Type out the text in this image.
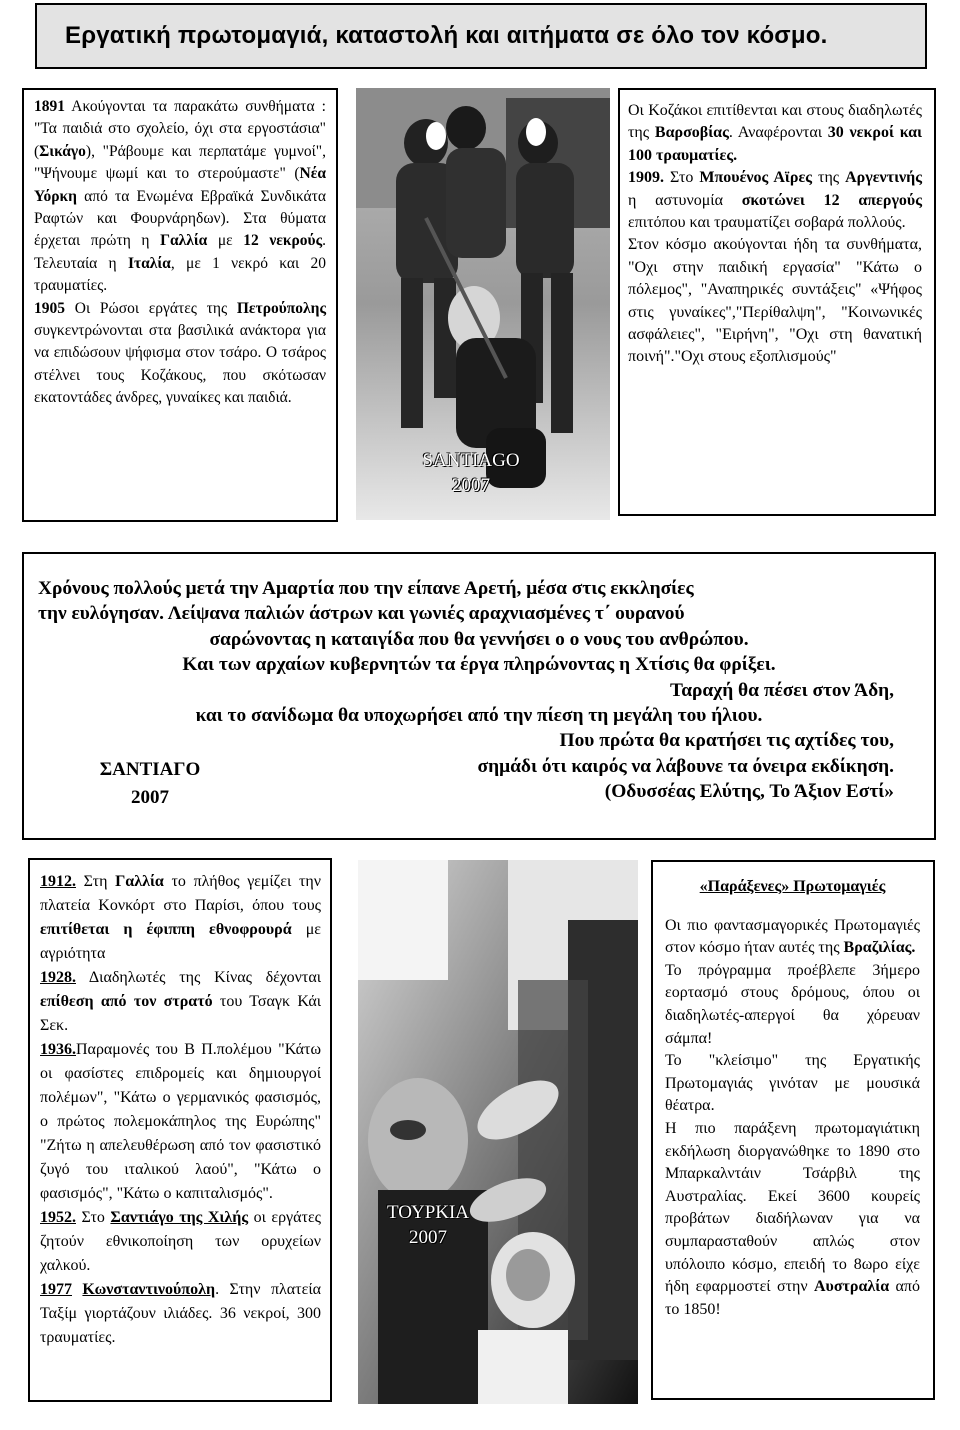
Εργατική πρωτομαγιά, καταστολή και αιτήματα σε όλο τον κόσμο.

1891 Ακούγονται τα παρακάτω συνθήματα : "Τα παιδιά στο σχολείο, όχι στα εργοστάσια" (Σικάγο), "Ράβουμε και περπατάμε γυμνοί", "Ψήνουμε ψωμί και το στερούμαστε" (Νέα Υόρκη από τα Ενωμένα Εβραϊκά Συνδικάτα Ραφτών και Φουρνάρηδων). Στα θύματα έρχεται πρώτη η Γαλλία με 12 νεκρούς. Τελευταία η Ιταλία, με 1 νεκρό και 20 τραυματίες.

1905 Οι Ρώσοι εργάτες της Πετρούπολης συγκεντρώνονται στα βασιλικά ανάκτορα για να επιδώσουν ψήφισμα στον τσάρο. Ο τσάρος στέλνει τους Κοζάκους, που σκότωσαν εκατοντάδες άνδρες, γυναίκες και παιδιά.

SANTIAGO
2007

Οι Κοζάκοι επιτίθενται και στους διαδηλωτές της Βαρσοβίας. Αναφέρονται 30 νεκροί και 100 τραυματίες.

1909. Στο Μπουένος Αϊρες της Αργεντινής η αστυνομία σκοτώνει 12 απεργούς επιτόπου και τραυματίζει σοβαρά πολλούς.

Στον κόσμο ακούγονται ήδη τα συνθήματα, "Οχι στην παιδική εργασία" "Κάτω ο πόλεμος", "Αναπηρικές συντάξεις" «Ψήφος στις γυναίκες","Περίθαλψη", "Κοινωνικές ασφάλειες", "Ειρήνη", "Οχι στη θανατική ποινή"."Οχι στους εξοπλισμούς"

Χρόνους πολλούς μετά την Αμαρτία που την είπανε Αρετή, μέσα στις εκκλησίες
την ευλόγησαν. Λείψανα παλιών άστρων και γωνιές αραχνιασμένες τ΄ ουρανού
σαρώνοντας η καταιγίδα που θα γεννήσει ο ο νους του ανθρώπου.
Και των αρχαίων κυβερνητών τα έργα πληρώνοντας η Χτίσις θα φρίξει.
Ταραχή θα πέσει στον Άδη,
και το σανίδωμα θα υποχωρήσει από την πίεση τη μεγάλη του ήλιου.
Που πρώτα θα κρατήσει τις αχτίδες του,
σημάδι ότι καιρός να λάβουνε τα όνειρα εκδίκηση.
(Οδυσσέας Ελύτης, Το Άξιον Εστί»
ΣΑΝΤΙΑΓΟ
2007

1912. Στη Γαλλία το πλήθος γεμίζει την πλατεία Κονκόρτ στο Παρίσι, όπου τους επιτίθεται η έφιππη εθνοφρουρά με αγριότητα

1928. Διαδηλωτές της Κίνας δέχονται επίθεση από τον στρατό του Τσαγκ Κάι Σεκ.

1936.Παραμονές του Β Π.πολέμου "Κάτω οι φασίστες επιδρομείς και δημιουργοί πολέμων", "Κάτω ο γερμανικός φασισμός, ο πρώτος πολεμοκάπηλος της Ευρώπης" "Ζήτω η απελευθέρωση από τον φασιστικό ζυγό του ιταλικού λαού", "Κάτω ο φασισμός", "Κάτω ο καπιταλισμός".

1952. Στο Σαντιάγο της Χιλής οι εργάτες ζητούν εθνικοποίηση των ορυχείων χαλκού.

1977 Κωνσταντινούπολη. Στην πλατεία Ταξίμ γιορτάζουν ιλιάδες. 36 νεκροί, 300 τραυματίες.

ΤΟΥΡΚΙΑ
2007
«Παράξενες» Πρωτομαγιές

Οι πιο φαντασμαγορικές Πρωτομαγιές στον κόσμο ήταν αυτές της Βραζιλίας.

Το πρόγραμμα προέβλεπε 3ήμερο εορτασμό στους δρόμους, όπου οι διαδηλωτές-απεργοί θα χόρευαν σάμπα!

Το "κλείσιμο" της Εργατικής Πρωτομαγιάς γινόταν με μουσικά θέατρα.

Η πιο παράξενη πρωτομαγιάτικη εκδήλωση διοργανώθηκε το 1890 στο Μπαρκαλντάιν Τσάρβιλ της Αυστραλίας. Εκεί 3600 κουρείς προβάτων διαδήλωναν για να συμπαρασταθούν απλώς στον υπόλοιπο κόσμο, επειδή το 8ωρο είχε ήδη εφαρμοστεί στην Αυστραλία από το 1850!
